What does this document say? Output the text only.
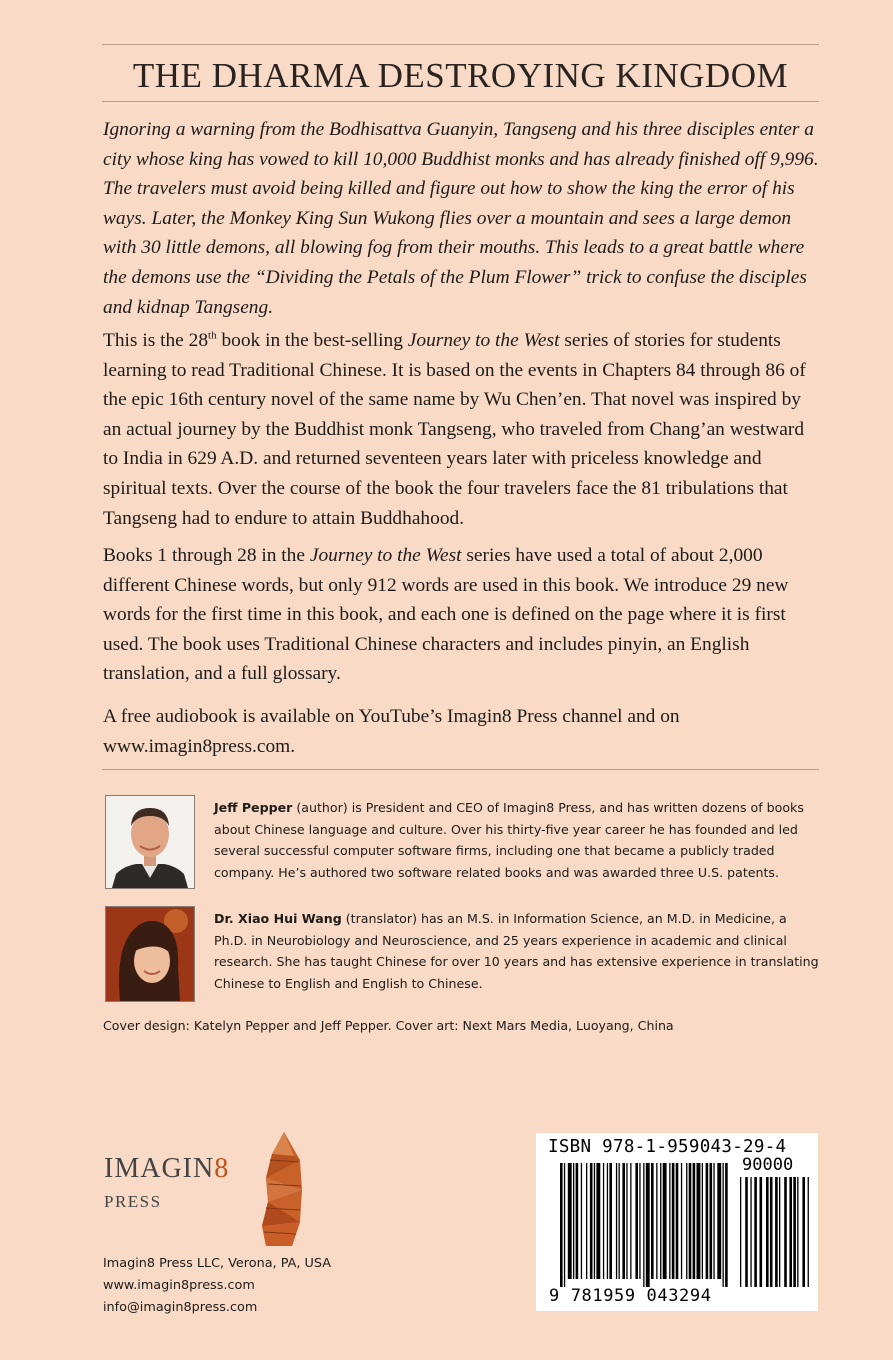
THE DHARMA DESTROYING KINGDOM

Ignoring a warning from the Bodhisattva Guanyin, Tangseng and his three disciples enter a city whose king has vowed to kill 10,000 Buddhist monks and has already finished off 9,996. The travelers must avoid being killed and figure out how to show the king the error of his ways. Later, the Monkey King Sun Wukong flies over a mountain and sees a large demon with 30 little demons, all blowing fog from their mouths. This leads to a great battle where the demons use the “Dividing the Petals of the Plum Flower” trick to confuse the disciples and kidnap Tangseng.

This is the 28th book in the best-selling Journey to the West series of stories for students learning to read Traditional Chinese. It is based on the events in Chapters 84 through 86 of the epic 16th century novel of the same name by Wu Chen’en. That novel was inspired by an actual journey by the Buddhist monk Tangseng, who traveled from Chang’an westward to India in 629 A.D. and returned seventeen years later with priceless knowledge and spiritual texts. Over the course of the book the four travelers face the 81 tribulations that Tangseng had to endure to attain Buddhahood.

Books 1 through 28 in the Journey to the West series have used a total of about 2,000 different Chinese words, but only 912 words are used in this book. We introduce 29 new words for the first time in this book, and each one is defined on the page where it is first used. The book uses Traditional Chinese characters and includes pinyin, an English translation, and a full glossary.

A free audiobook is available on YouTube’s Imagin8 Press channel and on www.imagin8press.com.

Jeff Pepper (author) is President and CEO of Imagin8 Press, and has written dozens of books about Chinese language and culture. Over his thirty-five year career he has founded and led several successful computer software firms, including one that became a publicly traded company. He’s authored two software related books and was awarded three U.S. patents.

Dr. Xiao Hui Wang (translator) has an M.S. in Information Science, an M.D. in Medicine, a Ph.D. in Neurobiology and Neuroscience, and 25 years experience in academic and clinical research. She has taught Chinese for over 10 years and has extensive experience in translating Chinese to English and English to Chinese.

Cover design: Katelyn Pepper and Jeff Pepper. Cover art: Next Mars Media, Luoyang, China
IMAGIN8
PRESS
Imagin8 Press LLC, Verona, PA, USA
www.imagin8press.com
info@imagin8press.com
ISBN 978-1-959043-29-4
90000
9 781959 043294
